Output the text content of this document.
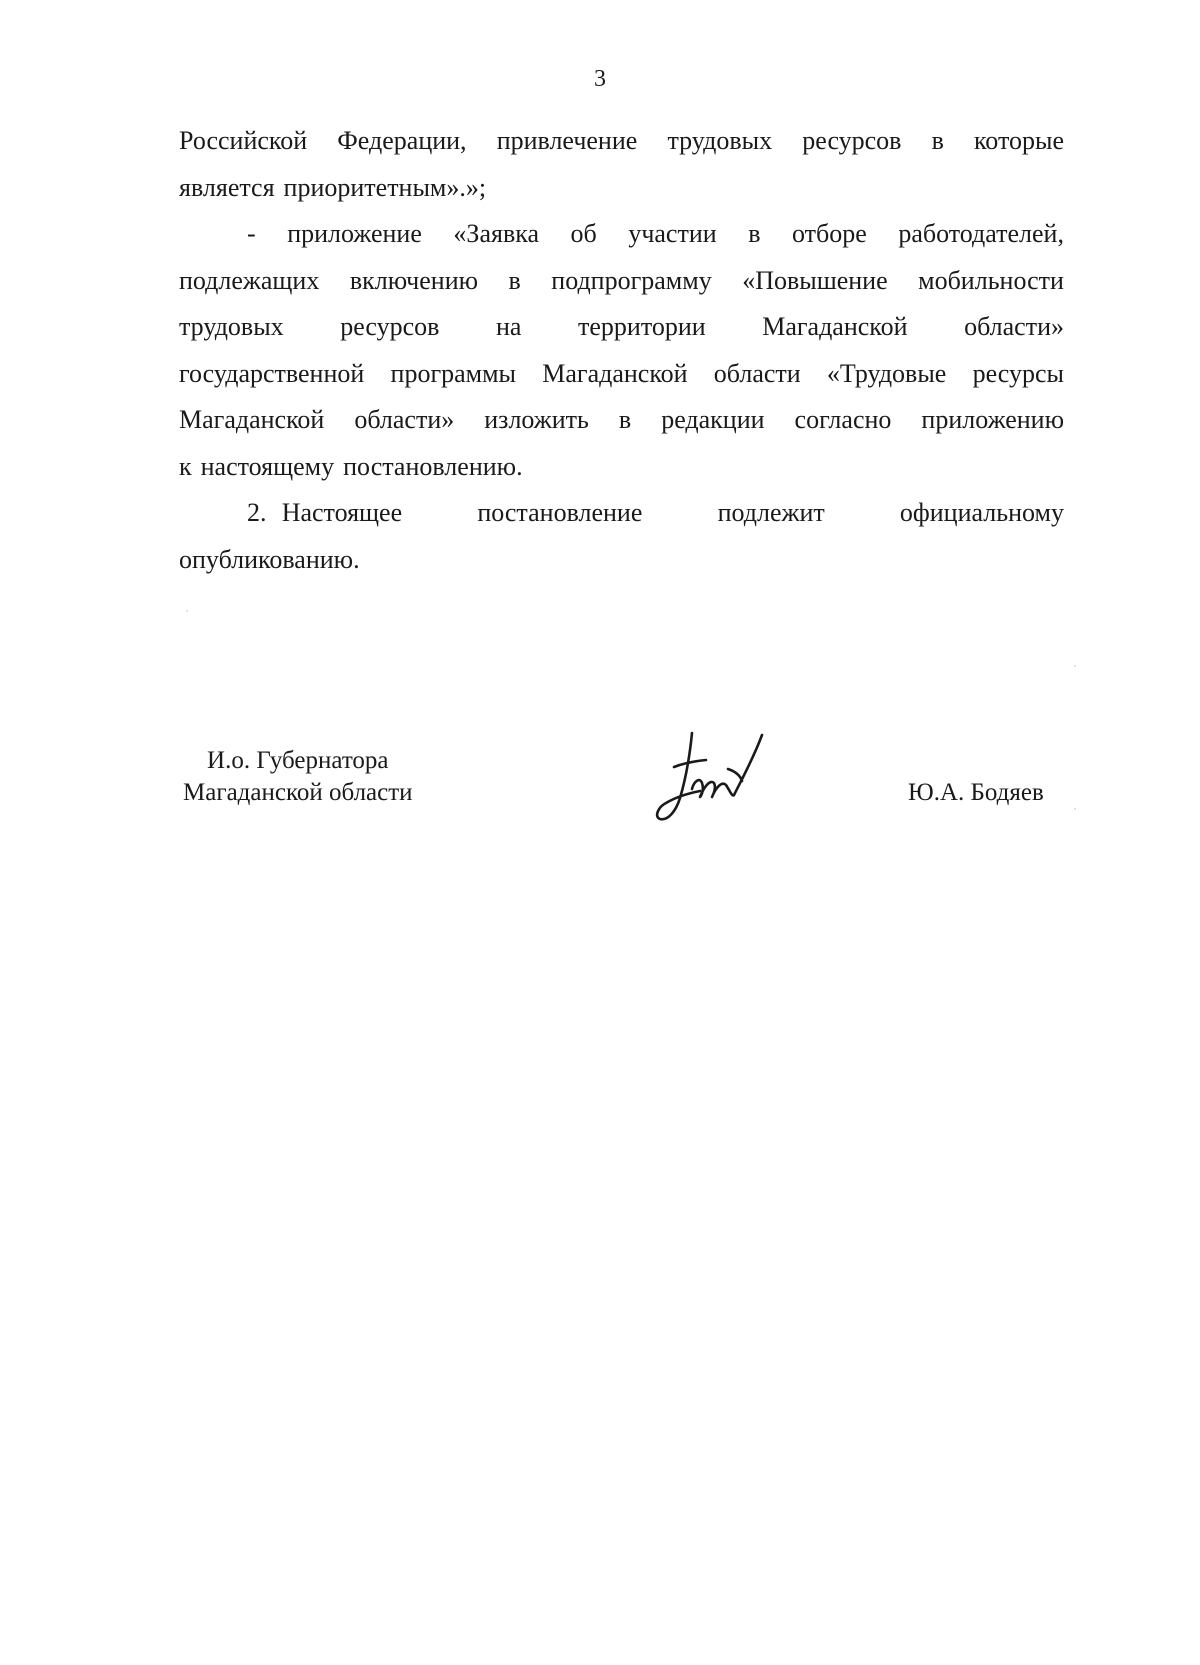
3
Российской Федерации, привлечение трудовых ресурсов в которые
является приоритетным».»;
- приложение «Заявка об участии в отборе работодателей,
подлежащих включению в подпрограмму «Повышение мобильности
трудовых ресурсов на территории Магаданской области»
государственной программы Магаданской области «Трудовые ресурсы
Магаданской области» изложить в редакции согласно приложению
к настоящему постановлению.
2. Настоящее	постановление	подлежит	официальному
опубликованию.
И.о. Губернатора
Магаданской области	Ю.А. Бодяев
